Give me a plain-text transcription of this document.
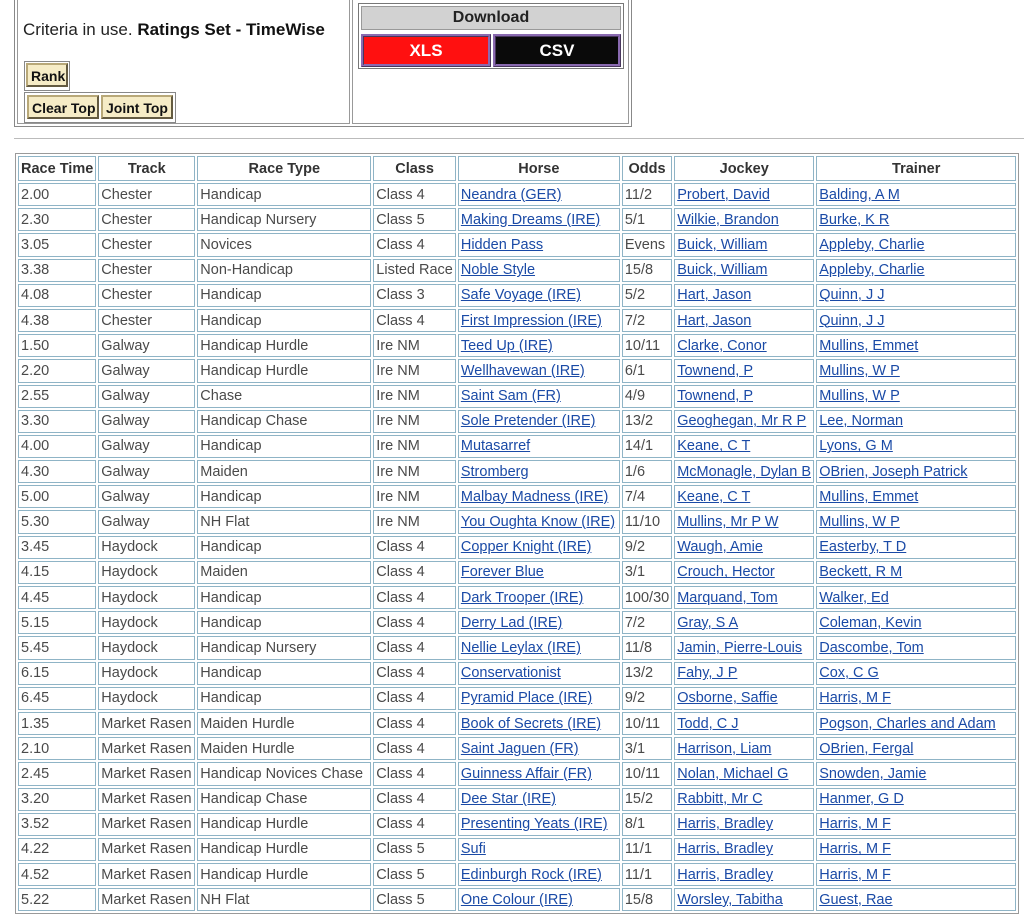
Criteria in use. Ratings Set - TimeWise
Rank
Clear Top Joint Top
Download
XLS	CSV
Race Time	Track	Race Type	Class	Horse	Odds	Jockey	Trainer
2.00	Chester	Handicap	Class 4	Neandra (GER)	11/2	Probert, David	Balding, A M
2.30	Chester	Handicap Nursery	Class 5	Making Dreams (IRE)	5/1	Wilkie, Brandon	Burke, K R
3.05	Chester	Novices	Class 4	Hidden Pass	Evens	Buick, William	Appleby, Charlie
3.38	Chester	Non-Handicap	Listed Race	Noble Style	15/8	Buick, William	Appleby, Charlie
4.08	Chester	Handicap	Class 3	Safe Voyage (IRE)	5/2	Hart, Jason	Quinn, J J
4.38	Chester	Handicap	Class 4	First Impression (IRE)	7/2	Hart, Jason	Quinn, J J
1.50	Galway	Handicap Hurdle	Ire NM	Teed Up (IRE)	10/11	Clarke, Conor	Mullins, Emmet
2.20	Galway	Handicap Hurdle	Ire NM	Wellhavewan (IRE)	6/1	Townend, P	Mullins, W P
2.55	Galway	Chase	Ire NM	Saint Sam (FR)	4/9	Townend, P	Mullins, W P
3.30	Galway	Handicap Chase	Ire NM	Sole Pretender (IRE)	13/2	Geoghegan, Mr R P	Lee, Norman
4.00	Galway	Handicap	Ire NM	Mutasarref	14/1	Keane, C T	Lyons, G M
4.30	Galway	Maiden	Ire NM	Stromberg	1/6	McMonagle, Dylan B	OBrien, Joseph Patrick
5.00	Galway	Handicap	Ire NM	Malbay Madness (IRE)	7/4	Keane, C T	Mullins, Emmet
5.30	Galway	NH Flat	Ire NM	You Oughta Know (IRE)	11/10	Mullins, Mr P W	Mullins, W P
3.45	Haydock	Handicap	Class 4	Copper Knight (IRE)	9/2	Waugh, Amie	Easterby, T D
4.15	Haydock	Maiden	Class 4	Forever Blue	3/1	Crouch, Hector	Beckett, R M
4.45	Haydock	Handicap	Class 4	Dark Trooper (IRE)	100/30	Marquand, Tom	Walker, Ed
5.15	Haydock	Handicap	Class 4	Derry Lad (IRE)	7/2	Gray, S A	Coleman, Kevin
5.45	Haydock	Handicap Nursery	Class 4	Nellie Leylax (IRE)	11/8	Jamin, Pierre-Louis	Dascombe, Tom
6.15	Haydock	Handicap	Class 4	Conservationist	13/2	Fahy, J P	Cox, C G
6.45	Haydock	Handicap	Class 4	Pyramid Place (IRE)	9/2	Osborne, Saffie	Harris, M F
1.35	Market Rasen	Maiden Hurdle	Class 4	Book of Secrets (IRE)	10/11	Todd, C J	Pogson, Charles and Adam
2.10	Market Rasen	Maiden Hurdle	Class 4	Saint Jaguen (FR)	3/1	Harrison, Liam	OBrien, Fergal
2.45	Market Rasen	Handicap Novices Chase	Class 4	Guinness Affair (FR)	10/11	Nolan, Michael G	Snowden, Jamie
3.20	Market Rasen	Handicap Chase	Class 4	Dee Star (IRE)	15/2	Rabbitt, Mr C	Hanmer, G D
3.52	Market Rasen	Handicap Hurdle	Class 4	Presenting Yeats (IRE)	8/1	Harris, Bradley	Harris, M F
4.22	Market Rasen	Handicap Hurdle	Class 5	Sufi	11/1	Harris, Bradley	Harris, M F
4.52	Market Rasen	Handicap Hurdle	Class 5	Edinburgh Rock (IRE)	11/1	Harris, Bradley	Harris, M F
5.22	Market Rasen	NH Flat	Class 5	One Colour (IRE)	15/8	Worsley, Tabitha	Guest, Rae
